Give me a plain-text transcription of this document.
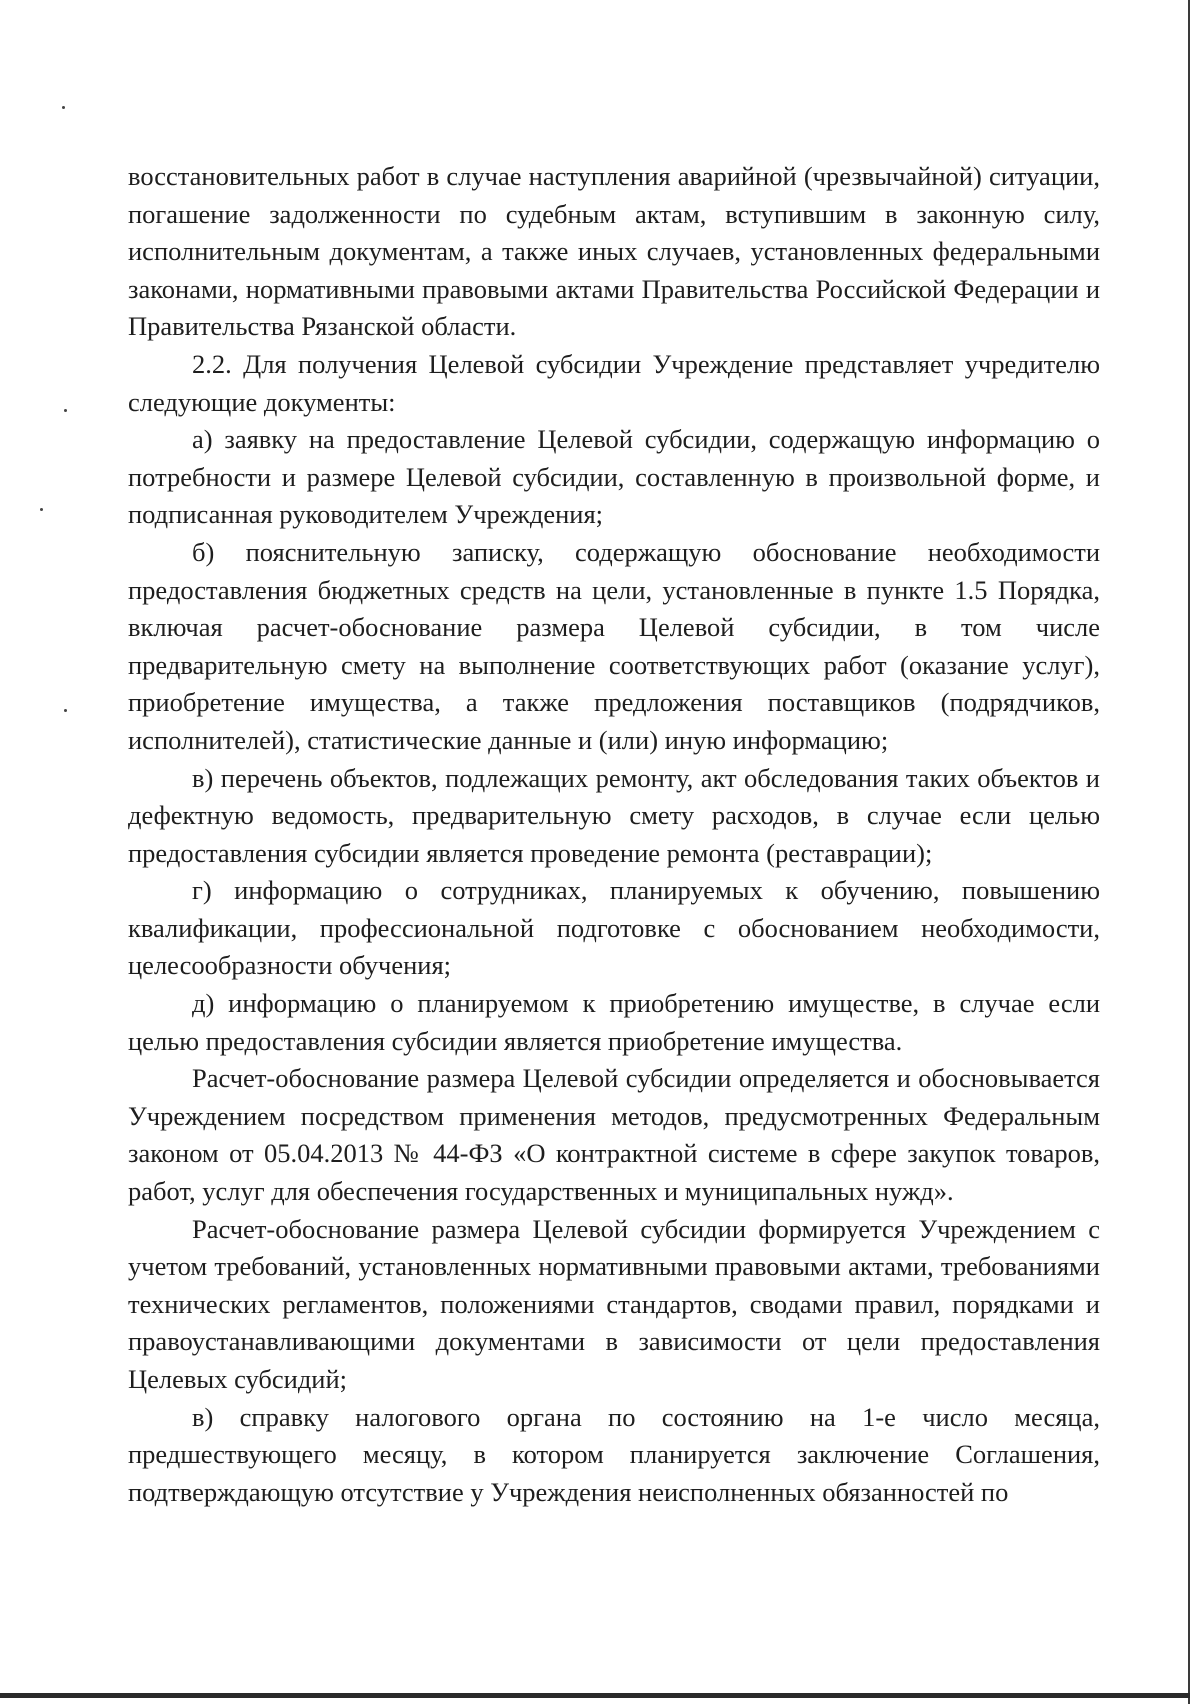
восстановительных работ в случае наступления аварийной (чрезвычайной) ситуации, погашение задолженности по судебным актам, вступившим в законную силу, исполнительным документам, а также иных случаев, установленных федеральными законами, нормативными правовыми актами Правительства Российской Федерации и Правительства Рязанской области.

2.2. Для получения Целевой субсидии Учреждение представляет учредителю следующие документы:

а) заявку на предоставление Целевой субсидии, содержащую информацию о потребности и размере Целевой субсидии, составленную в произвольной форме, и подписанная руководителем Учреждения;

б) пояснительную записку, содержащую обоснование необходимости предоставления бюджетных средств на цели, установленные в пункте 1.5 Порядка, включая расчет-обоснование размера Целевой субсидии, в том числе предварительную смету на выполнение соответствующих работ (оказание услуг), приобретение имущества, а также предложения поставщиков (подрядчиков, исполнителей), статистические данные и (или) иную информацию;

в) перечень объектов, подлежащих ремонту, акт обследования таких объектов и дефектную ведомость, предварительную смету расходов, в случае если целью предоставления субсидии является проведение ремонта (реставрации);

г) информацию о сотрудниках, планируемых к обучению, повышению квалификации, профессиональной подготовке с обоснованием необходимости, целесообразности обучения;

д) информацию о планируемом к приобретению имуществе, в случае если целью предоставления субсидии является приобретение имущества.

Расчет-обоснование размера Целевой субсидии определяется и обосновывается Учреждением посредством применения методов, предусмотренных Федеральным законом от 05.04.2013 № 44-ФЗ «О контрактной системе в сфере закупок товаров, работ, услуг для обеспечения государственных и муниципальных нужд».

Расчет-обоснование размера Целевой субсидии формируется Учреждением с учетом требований, установленных нормативными правовыми актами, требованиями технических регламентов, положениями стандартов, сводами правил, порядками и правоустанавливающими документами в зависимости от цели предоставления Целевых субсидий;

в) справку налогового органа по состоянию на 1-е число месяца, предшествующего месяцу, в котором планируется заключение Соглашения, подтверждающую отсутствие у Учреждения неисполненных обязанностей по
